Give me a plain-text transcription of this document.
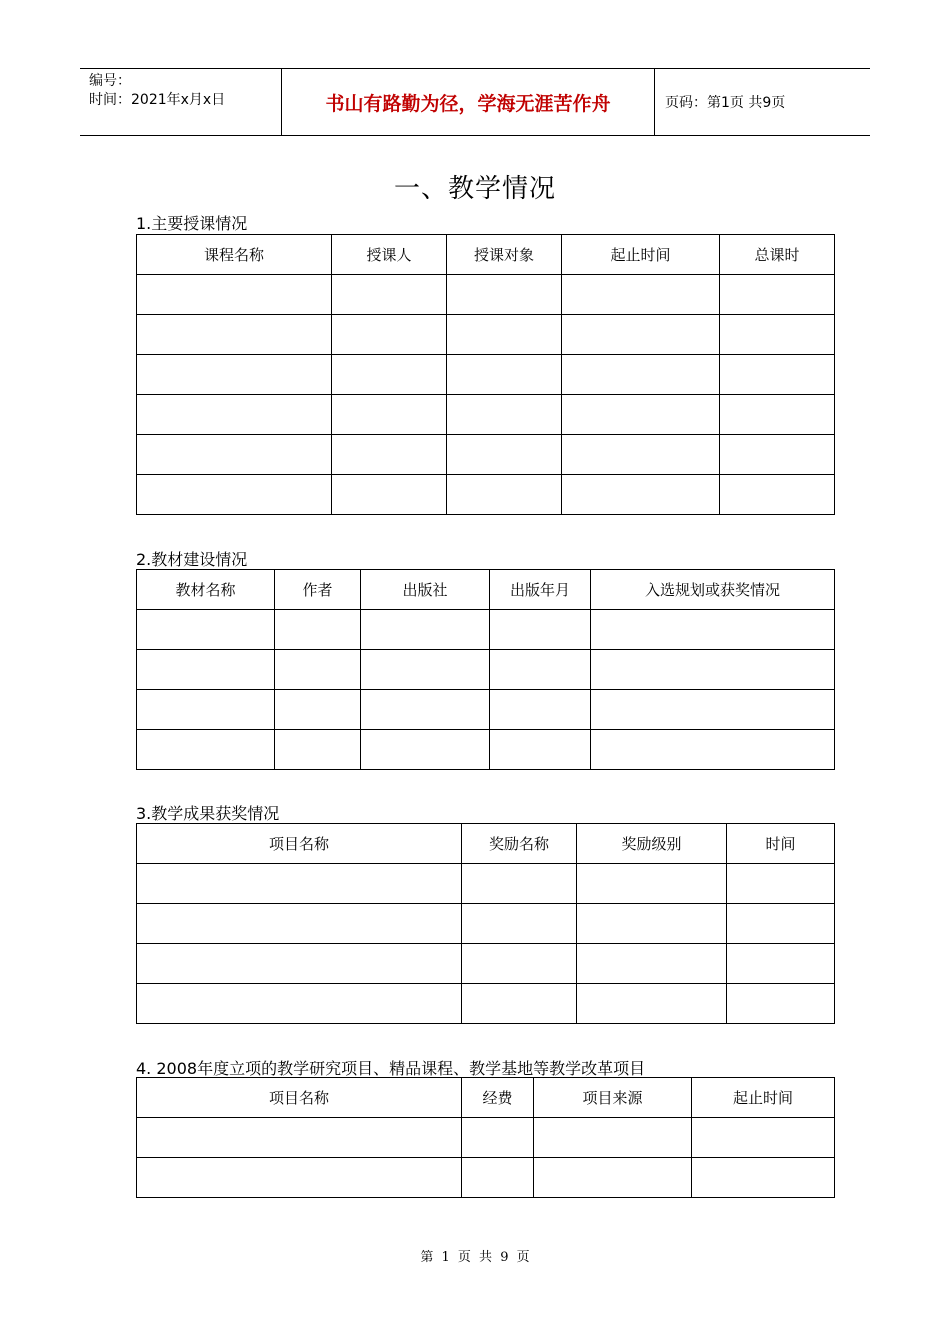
编号：
时间：2021年x月x日	书山有路勤为径，学海无涯苦作舟	页码：第1页 共9页
一、教学情况
1.主要授课情况
课程名称	授课人	授课对象	起止时间	总课时

2.教材建设情况
教材名称	作者	出版社	出版年月	入选规划或获奖情况

3.教学成果获奖情况
项目名称	奖励名称	奖励级别	时间

4. 2008年度立项的教学研究项目、精品课程、教学基地等教学改革项目
项目名称	经费	项目来源	起止时间

第 1 页 共 9 页
